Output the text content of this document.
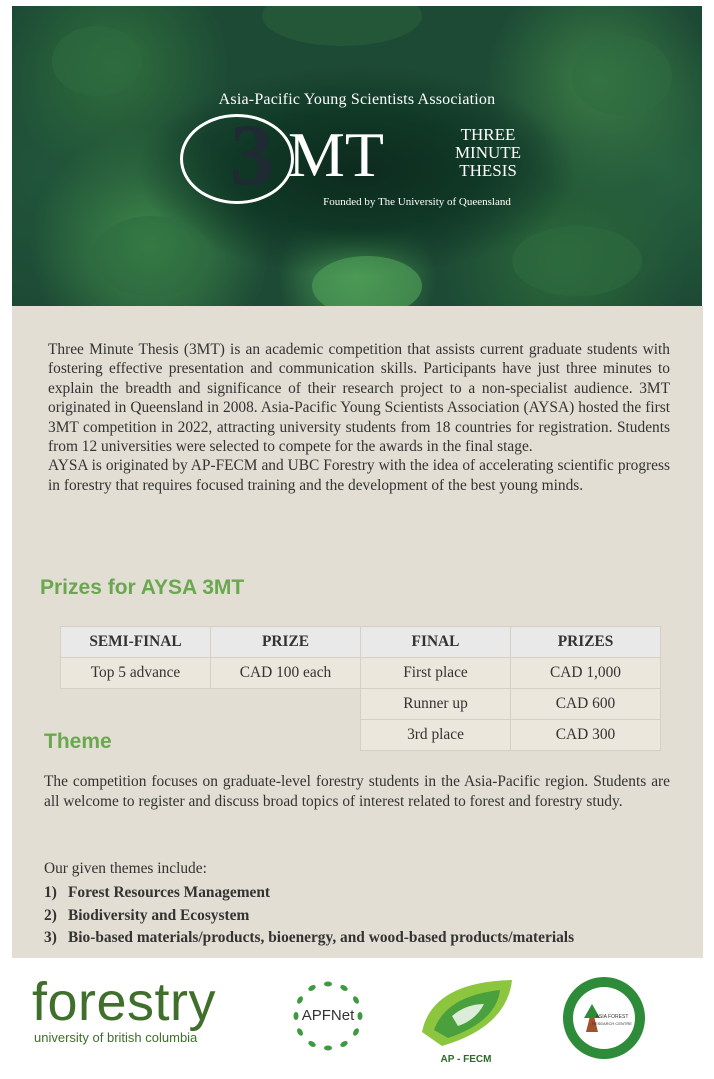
Asia-Pacific Young Scientists Association
3 MT	THREE
MINUTE
THESIS
Founded by The University of Queensland

Three Minute Thesis (3MT) is an academic competition that assists current graduate students with fostering effective presentation and communication skills. Participants have just three minutes to explain the breadth and significance of their research project to a non-specialist audience. 3MT originated in Queensland in 2008. Asia-Pacific Young Scientists Association (AYSA) hosted the first 3MT competition in 2022, attracting university students from 18 countries for registration. Students from 12 universities were selected to compete for the awards in the final stage.

AYSA is originated by AP-FECM and UBC Forestry with the idea of accelerating scientific progress in forestry that requires focused training and the development of the best young minds.

Prizes for AYSA 3MT
SEMI-FINAL	PRIZE	FINAL	PRIZES
Top 5 advance	CAD 100 each	First place	CAD 1,000
		Runner up	CAD 600
		3rd place	CAD 300
Theme

The competition focuses on graduate-level forestry students in the Asia-Pacific region. Students are all welcome to register and discuss broad topics of interest related to forest and forestry study.

Our given themes include:
1) Forest Resources Management
2) Biodiversity and Ecosystem
3) Bio-based materials/products, bioenergy, and wood-based products/materials
forestry
university of british columbia
APFNet
AP - FECM
ASIA FOREST
RESEARCH CENTRE
